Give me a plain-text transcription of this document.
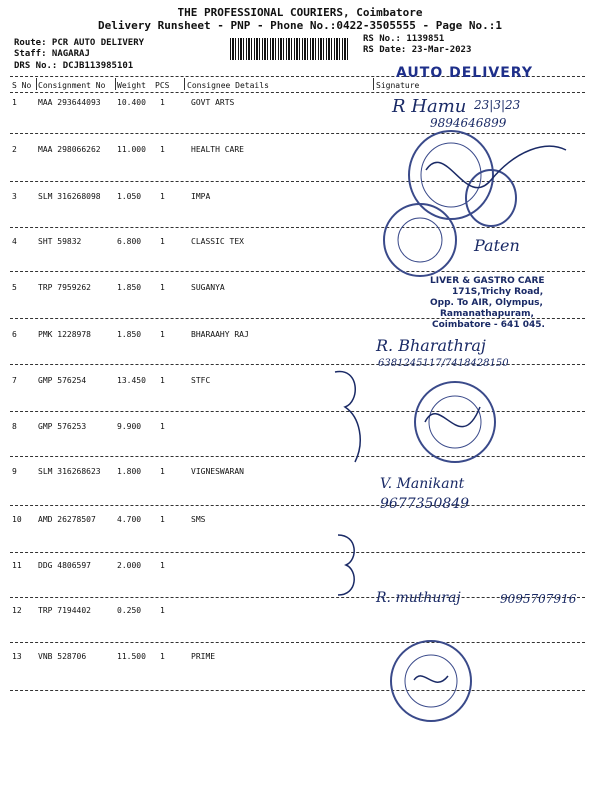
THE PROFESSIONAL COURIERS, Coimbatore
Delivery Runsheet - PNP - Phone No.:0422-3505555 - Page No.:1
Route: PCR AUTO DELIVERY
Staff: NAGARAJ
DRS No.: DCJB113985101
RS No.: 1139851
RS Date: 23-Mar-2023
S No Consignment No Weight PCS Consignee Details	Signature
1	MAA 293644093 10.400 1	GOVT ARTS
2	MAA 298066262 11.000 1	HEALTH CARE
3	SLM 316268098 1.050 1	IMPA
4	SHT 59832	6.800 1	CLASSIC TEX
5	TRP 7959262	1.850 1	SUGANYA
6	PMK 1228978	1.850 1	BHARAAHY RAJ
7	GMP 576254	13.450 1	STFC
8	GMP 576253	9.900 1
9	SLM 316268623 1.800 1	VIGNESWARAN
10 AMD 26278507	4.700 1	SMS
11 DDG 4806597	2.000 1
12 TRP 7194402	0.250 1
13 VNB 528706	11.500 1	PRIME
AUTO DELIVERY
R Hamu 23|3|23
9894646899
Paten
LIVER & GASTRO CARE
171S,Trichy Road,
Opp. To AIR, Olympus,
Ramanathapuram,
Coimbatore - 641 045.
R. Bharathraj
6381245117/7418428150
V. Manikant
9677350849
R. muthuraj	9095707916
